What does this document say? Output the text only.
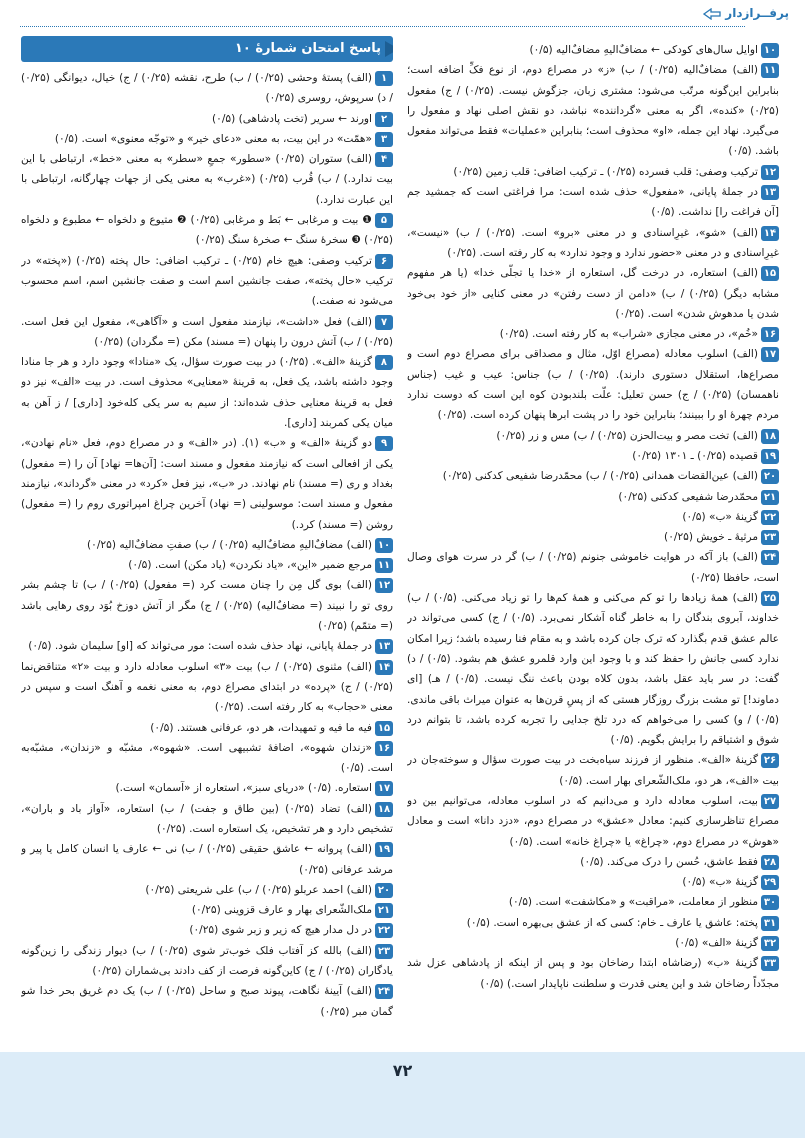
پرفــرازدار

۱۰اوایل سال‌های کودکی ← مضافٌ‌الیهِ مضافٌ‌الیه (۰/۵)

۱۱(الف) مضافٌ‌الیه (۰/۲۵) / ب) «ز» در مصراع دوم، از نوع فکِّ اضافه است؛ بنابراین این‌گونه مرتّب می‌شود: مشتری زبان، جزگوش نیست. (۰/۲۵) / ج) مفعول (۰/۲۵) «کنده»، اگر به معنی «گرداننده» نباشد، دو نقش اصلی نهاد و مفعول را می‌گیرد. نهاد این جمله، «او» محذوف است؛ بنابراین «عملیات» فقط می‌تواند مفعول باشد. (۰/۵)

۱۲ترکیب وصفی: قلب فسرده (۰/۲۵) ـ ترکیب اضافی: قلب زمین (۰/۲۵)

۱۳در جملهٔ پایانی، «مفعول» حذف شده است: مرا فراغتی است که جمشید جم [آن فراغت را] نداشت. (۰/۵)

۱۴(الف) «شو»، غیرِاسنادی و در معنی «برو» است. (۰/۲۵) / ب) «نیست»، غیرِاسنادی و در معنی «حضور ندارد و وجود ندارد» به کار رفته است. (۰/۲۵)

۱۵(الف) استعاره، در درخت گل، استعاره از «خدا یا تجلّی خدا» (یا هر مفهوم مشابه دیگر) (۰/۲۵) / ب) «دامن از دست رفتن» در معنی کنایی «از خود بی‌خود شدن یا مدهوش شدن» است. (۰/۲۵)

۱۶«خُم»، در معنی مجازی «شراب» به کار رفته است. (۰/۲۵)

۱۷(الف) اسلوب معادله (مصراع اوّل، مثال و مصداقی برای مصراع دوم است و مصراع‌ها، استقلال دستوری دارند). (۰/۲۵) / ب) جناس: عیب و غیب (جناس ناهمسان) (۰/۲۵) / ج) حسن تعلیل: علّت بلندبودن کوه این است که دوست ندارد مردم چهرهٔ او را ببینند؛ بنابراین خود را در پشت ابرها پنهان کرده است. (۰/۲۵)

۱۸(الف) تخت مصر و بیت‌الحزن (۰/۲۵) / ب) مس و زر (۰/۲۵)

۱۹قصیده (۰/۲۵) ـ ۱۳۰۱ (۰/۲۵)

۲۰(الف) عین‌القضات همدانی (۰/۲۵) / ب) محمّدرضا شفیعی کدکنی (۰/۲۵)

۲۱محمّدرضا شفیعی کدکنی (۰/۲۵)

۲۲گزینهٔ «ب» (۰/۵)

۲۳مرثیهٔ ـ خویش (۰/۲۵)

۲۴(الف) باز آکه در هوایت خاموشی جنونم (۰/۲۵) / ب) گر در سرت هوای وصال است، حافظا (۰/۲۵)

۲۵(الف) همهٔ زیادها را تو کم می‌کنی و همهٔ کم‌ها را تو زیاد می‌کنی. (۰/۵) / ب) خداوند، آبروی بندگان را به خاطر گناه آشکار نمی‌برد. (۰/۵) / ج) کسی می‌تواند در عالم عشق قدم بگذارد که ترک جان کرده باشد و به مقام فنا رسیده باشد؛ زیرا امکان ندارد کسی جانش را حفظ کند و با وجود این وارد قلمرو عشق هم بشود. (۰/۵) / د) گفت: در سر باید عقل باشد، بدون کلاه بودن باعث ننگ نیست. (۰/۵) / هـ) [ای دماوند!] تو مشت بزرگ روزگار هستی که از پسِ قرن‌ها به عنوان میراث باقی ماندی. (۰/۵) / و) کسی را می‌خواهم که درد تلخ جدایی را تجربه کرده باشد، تا بتوانم درد شوق و اشتیاقم را برایش بگویم. (۰/۵)

۲۶گزینهٔ «الف». منظور از فرزند سیاه‌بخت در بیت صورت سؤال و سوخته‌جان در بیت «الف»، هر دو، ملک‌الشّعرای بهار است. (۰/۵)

۲۷بیت، اسلوب معادله دارد و می‌دانیم که در اسلوب معادله، می‌توانیم بین دو مصراع تناظرسازی کنیم: معادل «عشق» در مصراع دوم، «دزد دانا» است و معادل «هوش» در مصراع دوم، «چراغ» یا «چراغ خانه» است. (۰/۵)

۲۸فقط عاشق، حُسن را درک می‌کند. (۰/۵)

۲۹گزینهٔ «ب» (۰/۵)

۳۰منظور از معاملت، «مراقبت» و «مکاشفت» است. (۰/۵)

۳۱پخته: عاشق یا عارف ـ خام: کسی که از عشق بی‌بهره است. (۰/۵)

۳۲گزینهٔ «الف» (۰/۵)

۳۳گزینهٔ «ب» (رضاشاه ابتدا رضاخان بود و پس از اینکه از پادشاهی عزل شد مجدّداً رضاخان شد و این یعنی قدرت و سلطنت ناپایدار است.) (۰/۵)

پاسخ امتحان شمارهٔ ۱۰

۱(الف) پستهٔ وحشی (۰/۲۵) / ب) طرح، نقشه (۰/۲۵) / ج) خیال، دیوانگی (۰/۲۵) / د) سرپوش، روسری (۰/۲۵)

۲اورند ← سریر (تخت پادشاهی) (۰/۵)

۳«همّت» در این بیت، به معنی «دعای خیر» و «توجّه معنوی» است. (۰/۵)

۴(الف) ستوران (۰/۲۵) «سطور» جمعِ «سطر» به معنی «خط»، ارتباطی با این بیت ندارد.) / ب) قُرب (۰/۲۵) («غرب» به معنی یکی از جهات چهارگانه، ارتباطی با این عبارت ندارد.)

۵❶ بیت و مرغابی ← بَط و مرغابی (۰/۲۵) ❷ متیوع و دلخواه ← مطبوع و دلخواه (۰/۲۵) ❸ سخرهٔ سنگ ← صخرهٔ سنگ (۰/۲۵)

۶ترکیب وصفی: هیچ خام (۰/۲۵) ـ ترکیب اضافی: حال پخته (۰/۲۵) («پخته» در ترکیب «حال پخته»، صفت جانشین اسم است و صفت جانشین اسم، اسم محسوب می‌شود نه صفت.)

۷(الف) فعل «داشت»، نیازمند مفعول است و «آگاهی»، مفعول این فعل است. (۰/۲۵) / ب) آتش درون را پنهان (= مسند) مکن (= مگردان) (۰/۲۵)

۸گزینهٔ «الف». (۰/۲۵) در بیت صورت سؤال، یک «منادا» وجود دارد و هر جا منادا وجود داشته باشد، یک فعل، به قرینهٔ «معنایی» محذوف است. در بیت «الف» نیز دو فعل به قرینهٔ معنایی حذف شده‌اند: از سیم به سر یکی کله‌خود [داری] / ز آهن به میان یکی کمربند [داری].

۹دو گزینهٔ «الف» و «ب» (۱). (در «الف» و در مصراع دوم، فعل «نام نهادن»، یکی از افعالی است که نیازمند مفعول و مسند است: [آن‌ها= نهاد] آن را (= مفعول) بغداد و ری (= مسند) نام نهادند. در «ب»، نیز فعل «کرد» در معنی «گرداند»، نیازمند مفعول و مسند است: موسولینی (= نهاد) آخرین چراغ امپراتوری روم را (= مفعول) روشن (= مسند) کرد.)

۱۰(الف) مضافٌ‌الیهِ مضافٌ‌الیه (۰/۲۵) / ب) صفتِ مضافٌ‌الیه (۰/۲۵)

۱۱مرجع ضمیر «این»، «یاد نکردن» (یاد مکن) است. (۰/۵)

۱۲(الف) بوی گل مِن را چنان مست کرد (= مفعول) (۰/۲۵) / ب) تا چشم بشر روی تو را نبیند (= مضافٌ‌الیه) (۰/۲۵) / ج) مگر از آتش دوزخ بُوَد روی رهایی باشد (= متمّم) (۰/۲۵)

۱۳در جملهٔ پایانی، نهاد حذف شده است: مور می‌تواند که [او] سلیمان شود. (۰/۵)

۱۴(الف) مثنوی (۰/۲۵) / ب) بیت «۳» اسلوب معادله دارد و بیت «۲» متناقض‌نما (۰/۲۵) / ج) «پرده» در ابتدای مصراع دوم، به معنی نغمه و آهنگ است و سپس در معنی «حجاب» به کار رفته است. (۰/۲۵)

۱۵فیه ما فیه و تمهیدات، هر دو، عرفانی هستند. (۰/۵)

۱۶«زندان شهوه»، اضافهٔ تشبیهی است. «شهوه»، مشبّه و «زندان»، مشبّه‌به است. (۰/۵)

۱۷استعاره. (۰/۵) «دریای سبز»، استعاره از «آسمان» است.)

۱۸(الف) تضاد (۰/۲۵) (بین طاق و جفت) / ب) استعاره، «آواز باد و باران»، تشخیص دارد و هر تشخیص، یک استعاره است. (۰/۲۵)

۱۹(الف) پروانه ← عاشق حقیقی (۰/۲۵) / ب) نی ← عارف یا انسان کامل یا پیر و مرشد عرفانی (۰/۲۵)

۲۰(الف) احمد عربلو (۰/۲۵) / ب) علی شریعتی (۰/۲۵)

۲۱ملک‌الشّعرای بهار و عارف قزوینی (۰/۲۵)

۲۲در دل مدار هیچ که زیر و زبر شوی (۰/۲۵)

۲۳(الف) بالله کز آفتاب فلک خوب‌تر شوی (۰/۲۵) / ب) دیوار زندگی را زین‌گونه یادگاران (۰/۲۵) / ج) کاین‌گونه فرصت از کف دادند بی‌شماران (۰/۲۵)

۲۴(الف) آیینهٔ نگاهت، پیوند صبح و ساحل (۰/۲۵) / ب) یک دم غریق بحر خدا شو گمان مبر (۰/۲۵)

۷۲
